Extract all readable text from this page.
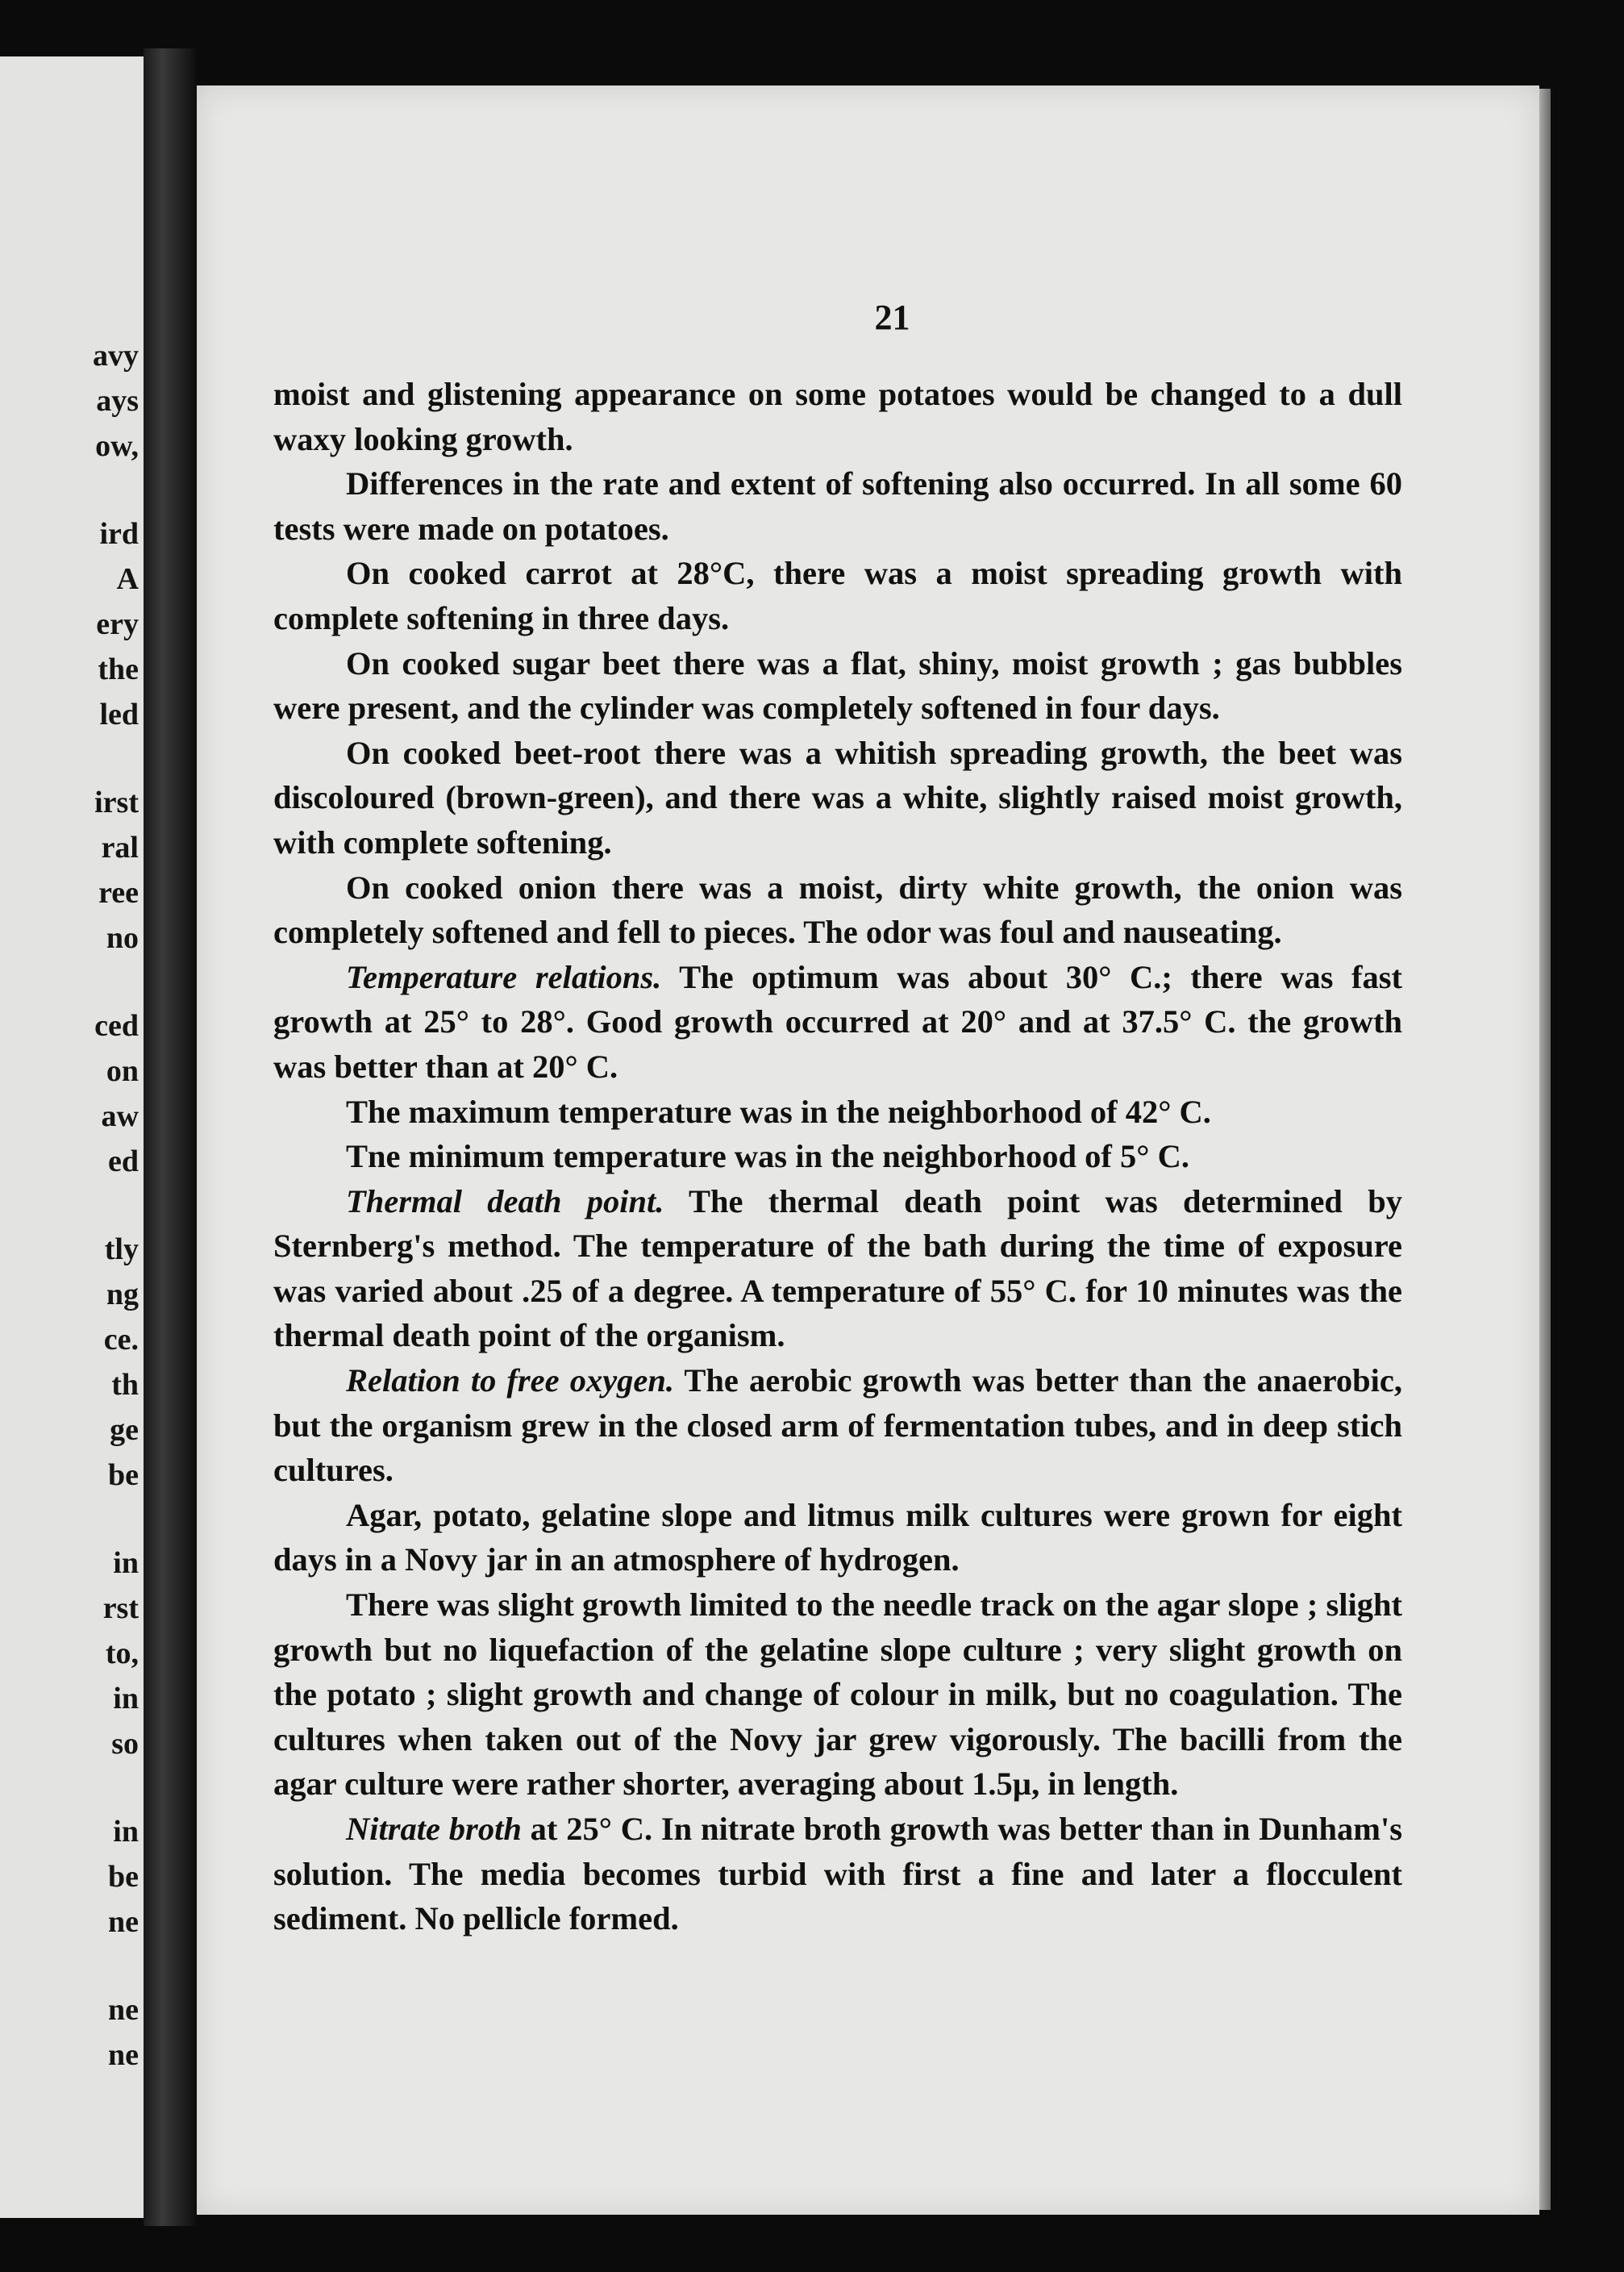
avy
ays
ow,
ird
A
ery
the
led
irst
ral
ree
no
ced
on
aw
ed
tly
ng
ce.
th
ge
be
in
rst
to,
in
so
in
be
ne
ne
ne
21

moist and glistening appearance on some potatoes would be changed to a dull waxy looking growth.

Differences in the rate and extent of softening also occurred. In all some 60 tests were made on potatoes.

On cooked carrot at 28°C, there was a moist spreading growth with complete softening in three days.

On cooked sugar beet there was a flat, shiny, moist growth ; gas bubbles were present, and the cylinder was completely softened in four days.

On cooked beet-root there was a whitish spreading growth, the beet was discoloured (brown-green), and there was a white, slightly raised moist growth, with complete softening.

On cooked onion there was a moist, dirty white growth, the onion was completely softened and fell to pieces. The odor was foul and nauseating.

Temperature relations. The optimum was about 30° C.; there was fast growth at 25° to 28°. Good growth occurred at 20° and at 37.5° C. the growth was better than at 20° C.

The maximum temperature was in the neighborhood of 42° C.

Tne minimum temperature was in the neighborhood of 5° C.

Thermal death point. The thermal death point was determined by Sternberg's method. The temperature of the bath during the time of exposure was varied about .25 of a degree. A temperature of 55° C. for 10 minutes was the thermal death point of the organism.

Relation to free oxygen. The aerobic growth was better than the anaerobic, but the organism grew in the closed arm of fermentation tubes, and in deep stich cultures.

Agar, potato, gelatine slope and litmus milk cultures were grown for eight days in a Novy jar in an atmosphere of hydrogen.

There was slight growth limited to the needle track on the agar slope ; slight growth but no liquefaction of the gelatine slope culture ; very slight growth on the potato ; slight growth and change of colour in milk, but no coagulation. The cultures when taken out of the Novy jar grew vigorously. The bacilli from the agar culture were rather shorter, averaging about 1.5µ, in length.

Nitrate broth at 25° C. In nitrate broth growth was better than in Dunham's solution. The media becomes turbid with first a fine and later a flocculent sediment. No pellicle formed.
